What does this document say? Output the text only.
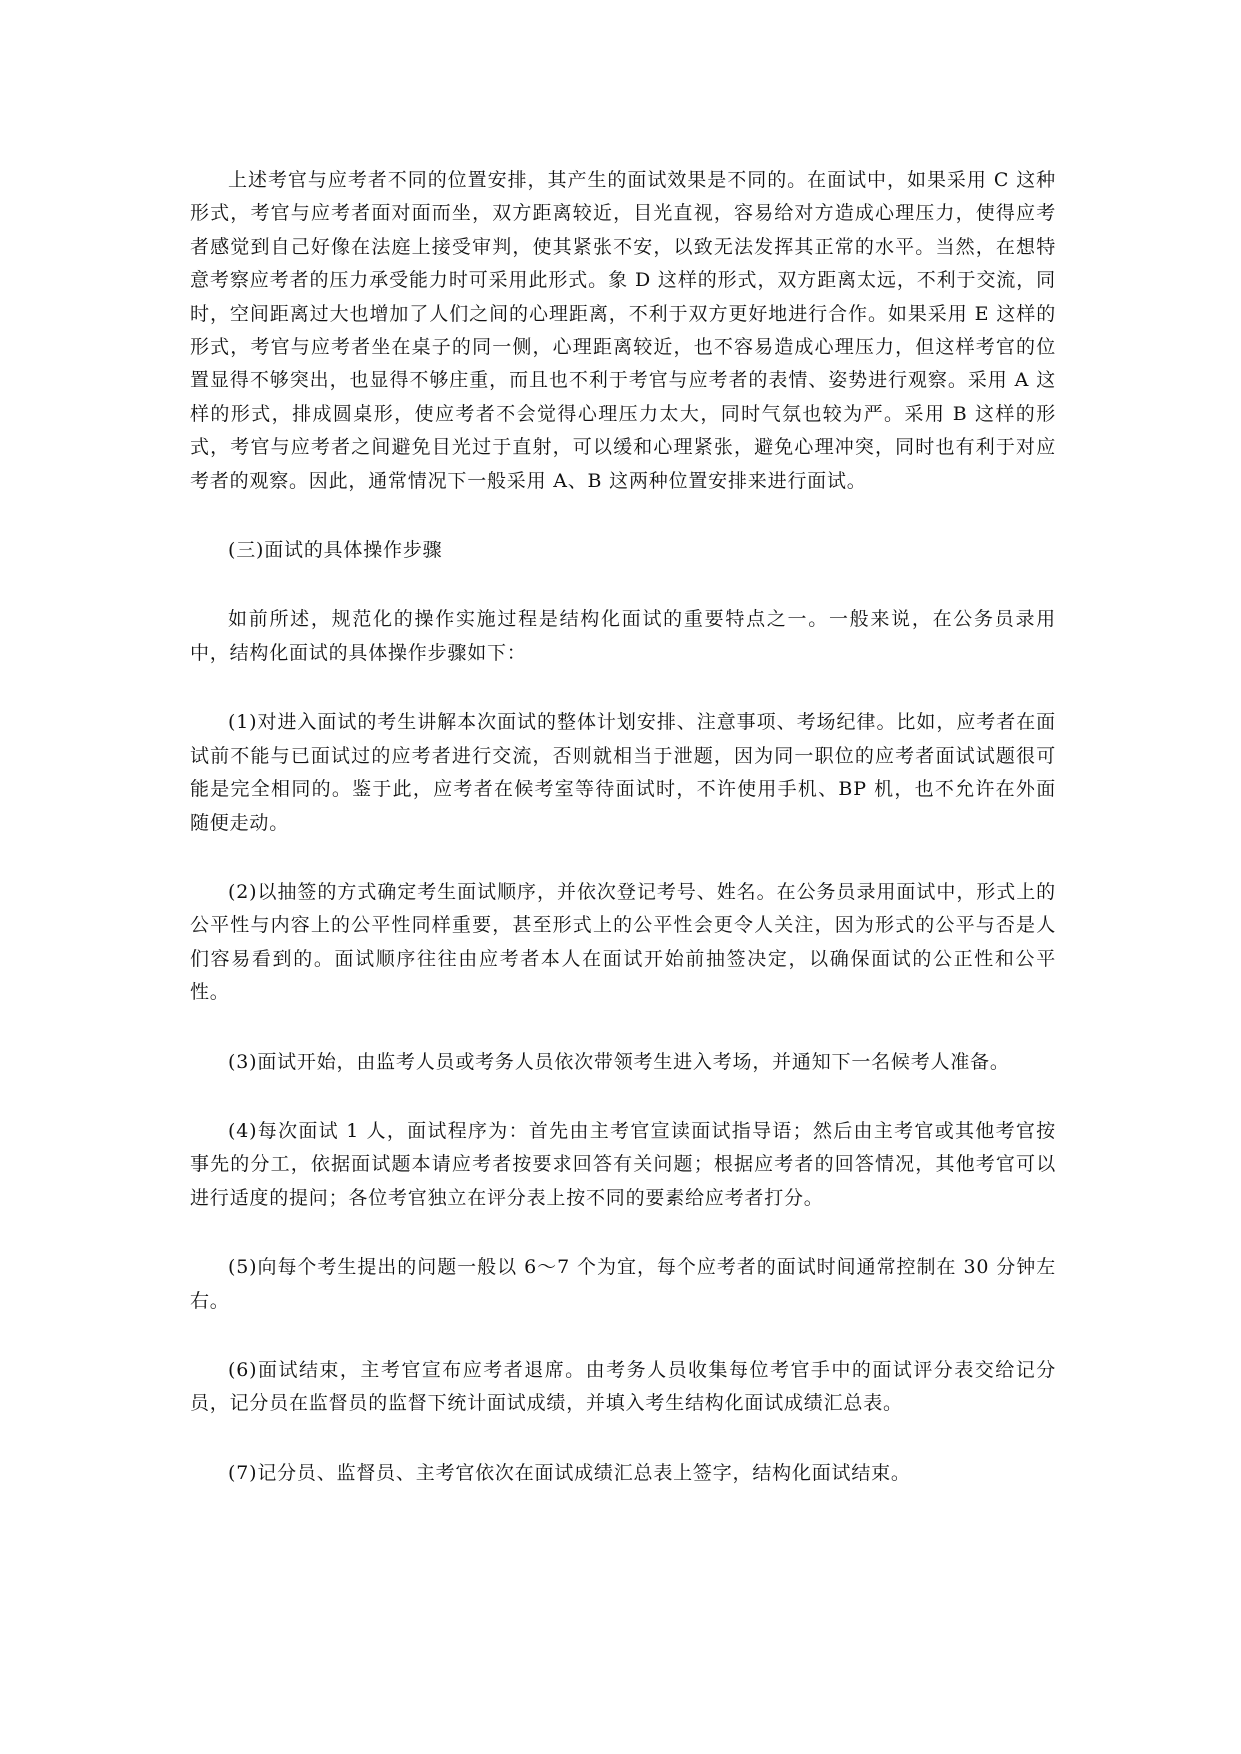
上述考官与应考者不同的位置安排，其产生的面试效果是不同的。在面试中，如果采用 C 这种形式，考官与应考者面对面而坐，双方距离较近，目光直视，容易给对方造成心理压力，使得应考者感觉到自己好像在法庭上接受审判，使其紧张不安，以致无法发挥其正常的水平。当然，在想特意考察应考者的压力承受能力时可采用此形式。象 D 这样的形式，双方距离太远，不利于交流，同时，空间距离过大也增加了人们之间的心理距离，不利于双方更好地进行合作。如果采用 E 这样的形式，考官与应考者坐在桌子的同一侧，心理距离较近，也不容易造成心理压力，但这样考官的位置显得不够突出，也显得不够庄重，而且也不利于考官与应考者的表情、姿势进行观察。采用 A 这样的形式，排成圆桌形，使应考者不会觉得心理压力太大，同时气氛也较为严。采用 B 这样的形式，考官与应考者之间避免目光过于直射，可以缓和心理紧张，避免心理冲突，同时也有利于对应考者的观察。因此，通常情况下一般采用 A、B 这两种位置安排来进行面试。

(三)面试的具体操作步骤

如前所述，规范化的操作实施过程是结构化面试的重要特点之一。一般来说，在公务员录用中，结构化面试的具体操作步骤如下：

(1)对进入面试的考生讲解本次面试的整体计划安排、注意事项、考场纪律。比如，应考者在面试前不能与已面试过的应考者进行交流，否则就相当于泄题，因为同一职位的应考者面试试题很可能是完全相同的。鉴于此，应考者在候考室等待面试时，不许使用手机、BP 机，也不允许在外面随便走动。

(2)以抽签的方式确定考生面试顺序，并依次登记考号、姓名。在公务员录用面试中，形式上的公平性与内容上的公平性同样重要，甚至形式上的公平性会更令人关注，因为形式的公平与否是人们容易看到的。面试顺序往往由应考者本人在面试开始前抽签决定，以确保面试的公正性和公平性。

(3)面试开始，由监考人员或考务人员依次带领考生进入考场，并通知下一名候考人准备。

(4)每次面试 1 人，面试程序为：首先由主考官宣读面试指导语；然后由主考官或其他考官按事先的分工，依据面试题本请应考者按要求回答有关问题；根据应考者的回答情况，其他考官可以进行适度的提问；各位考官独立在评分表上按不同的要素给应考者打分。

(5)向每个考生提出的问题一般以 6～7 个为宜，每个应考者的面试时间通常控制在 30 分钟左右。

(6)面试结束，主考官宣布应考者退席。由考务人员收集每位考官手中的面试评分表交给记分员，记分员在监督员的监督下统计面试成绩，并填入考生结构化面试成绩汇总表。

(7)记分员、监督员、主考官依次在面试成绩汇总表上签字，结构化面试结束。
